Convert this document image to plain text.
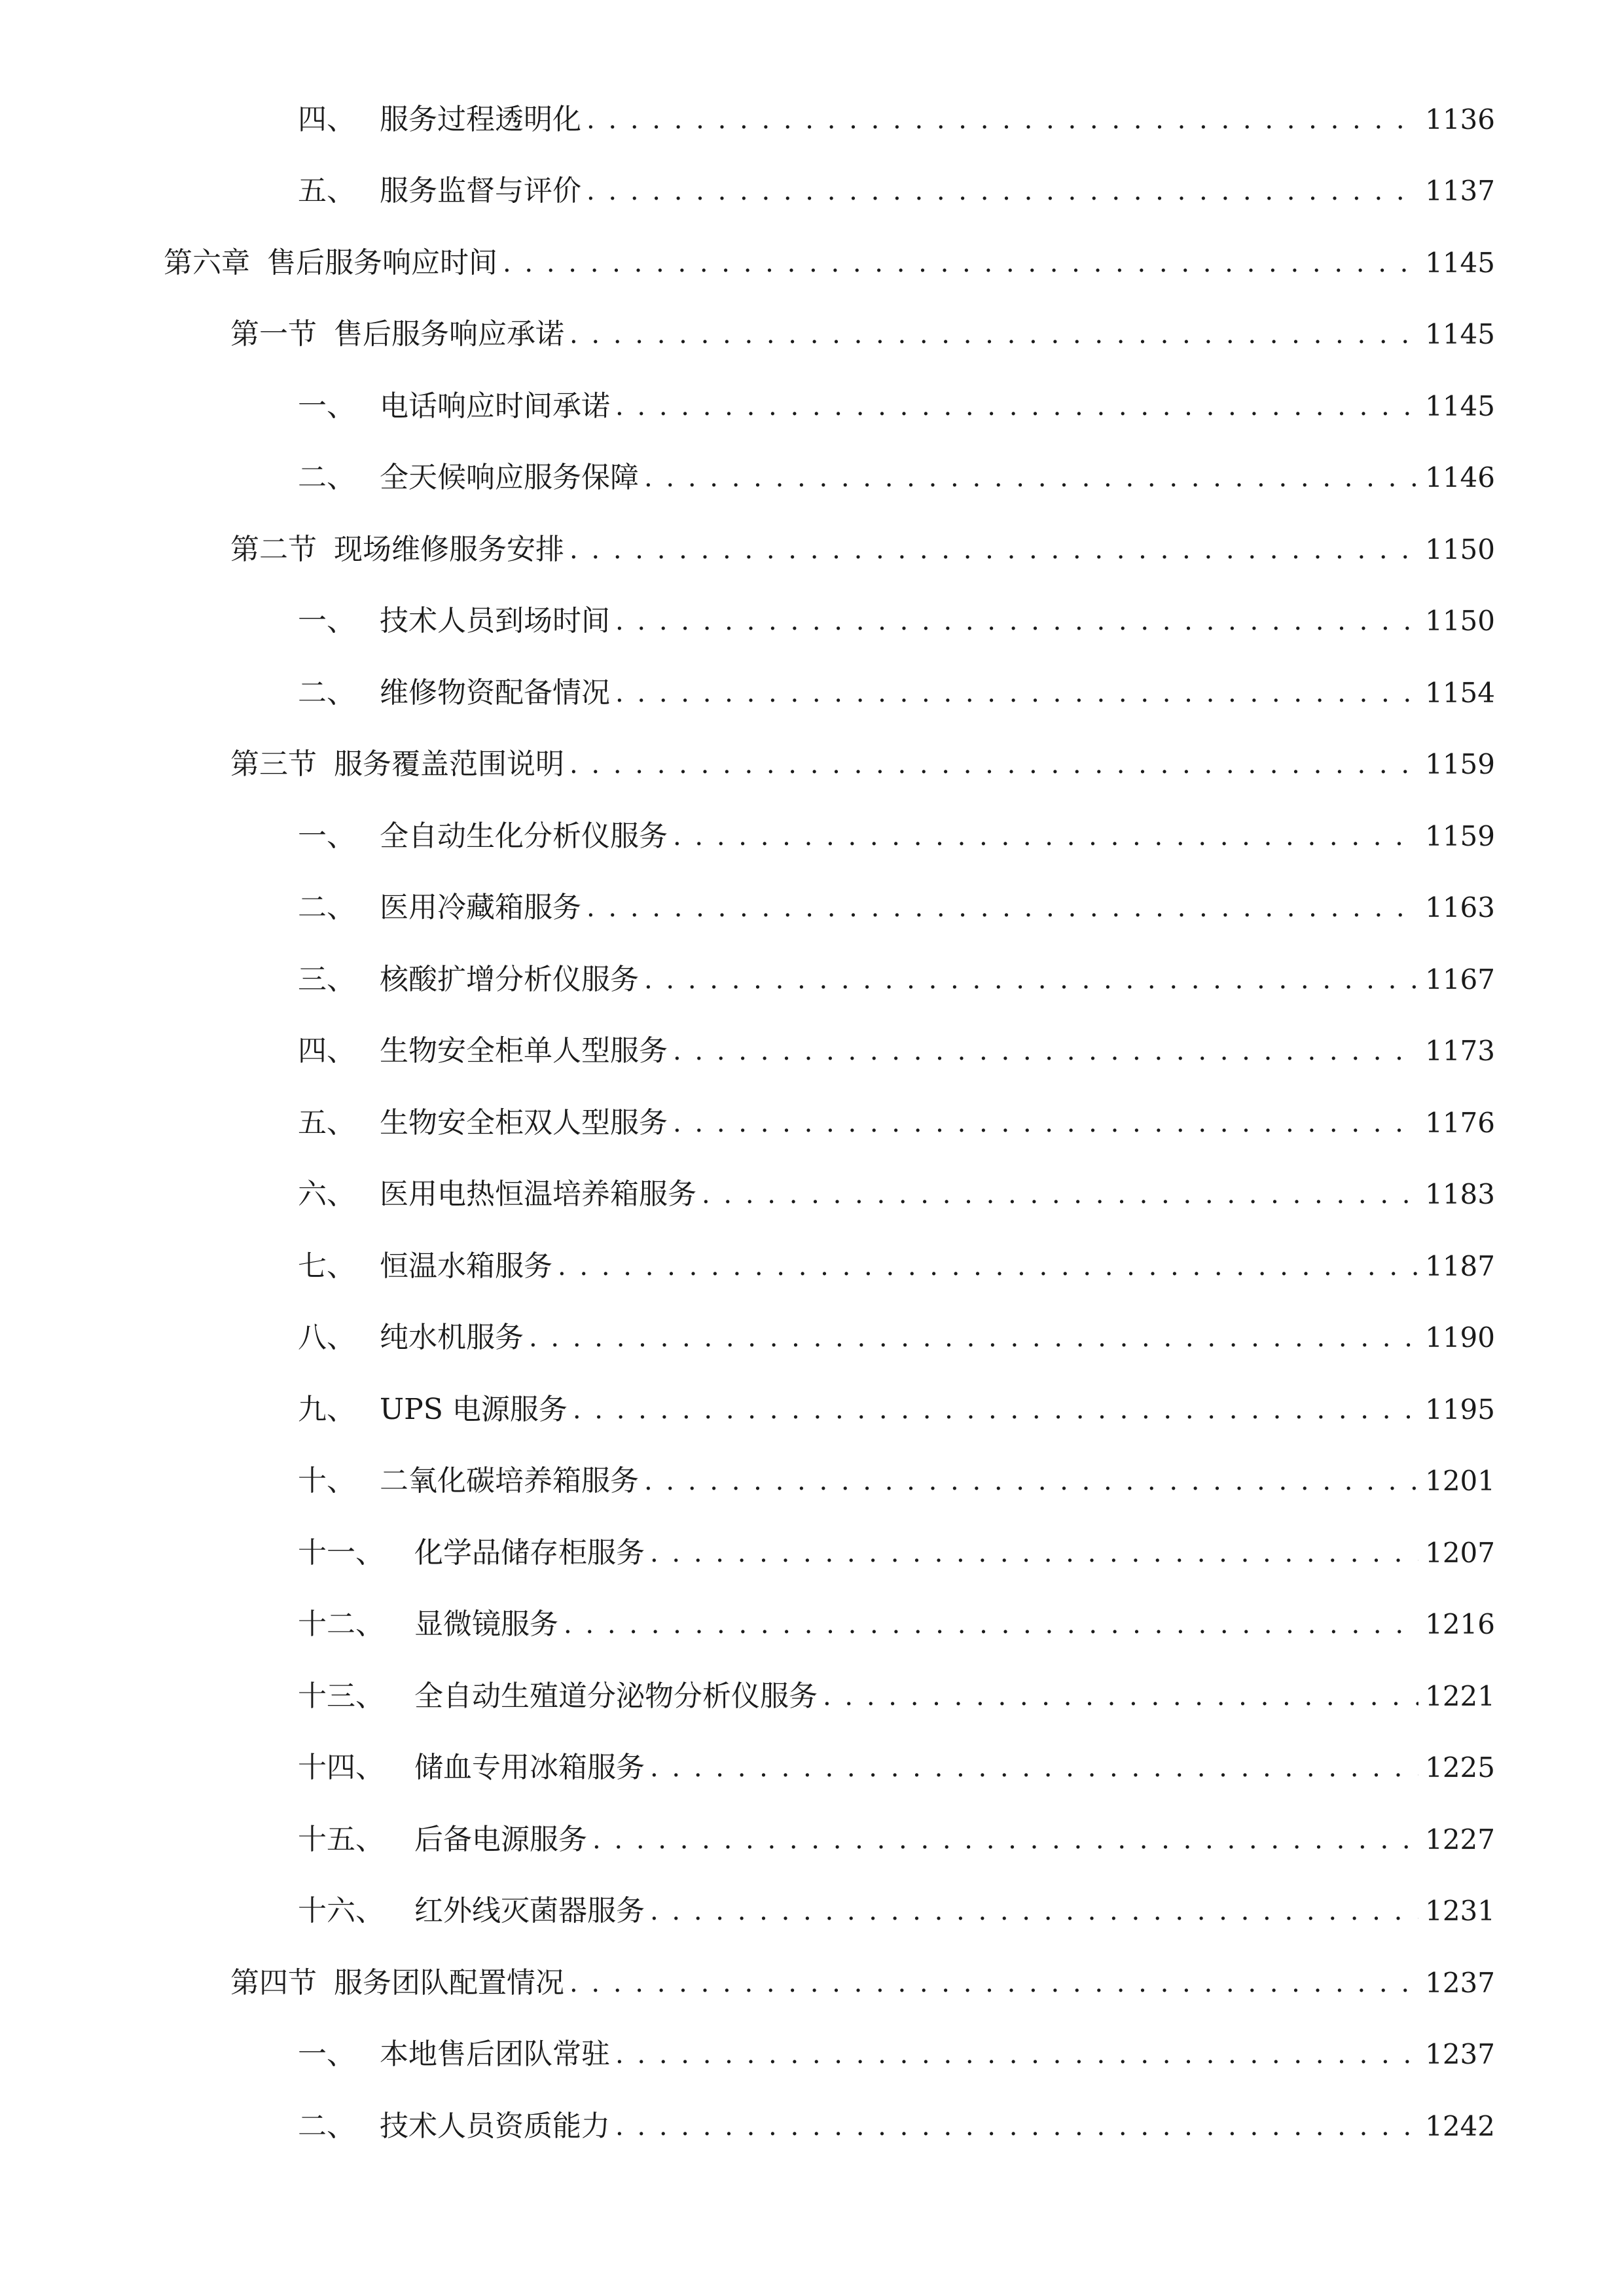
四、 服务过程透明化 . . .	1136
五、 服务监督与评价 . . .	1137
第六章 售后服务响应时间 . . .	1145
第一节 售后服务响应承诺 . . .	1145
一、 电话响应时间承诺 . . .	1145
二、 全天候响应服务保障 . . .	1146
第二节 现场维修服务安排 . . .	1150
一、 技术人员到场时间 . . .	1150
二、 维修物资配备情况 . . .	1154
第三节 服务覆盖范围说明 . . .	1159
一、 全自动生化分析仪服务 . . .	1159
二、 医用冷藏箱服务 . . .	1163
三、 核酸扩增分析仪服务 . . .	1167
四、 生物安全柜单人型服务 . . .	1173
五、 生物安全柜双人型服务 . . .	1176
六、 医用电热恒温培养箱服务 . . .	1183
七、 恒温水箱服务 . . .	1187
八、 纯水机服务 . . .	1190
九、 UPS 电源服务 . . .	1195
十、 二氧化碳培养箱服务 . . .	1201
十一、	化学品储存柜服务 . . .	1207
十二、	显微镜服务 . . .	1216
十三、	全自动生殖道分泌物分析仪服务 . . .	1221
十四、	储血专用冰箱服务 . . .	1225
十五、	后备电源服务 . . .	1227
十六、	红外线灭菌器服务 . . .	1231
第四节 服务团队配置情况 . . .	1237
一、 本地售后团队常驻 . . .	1237
二、 技术人员资质能力 . . .	1242
